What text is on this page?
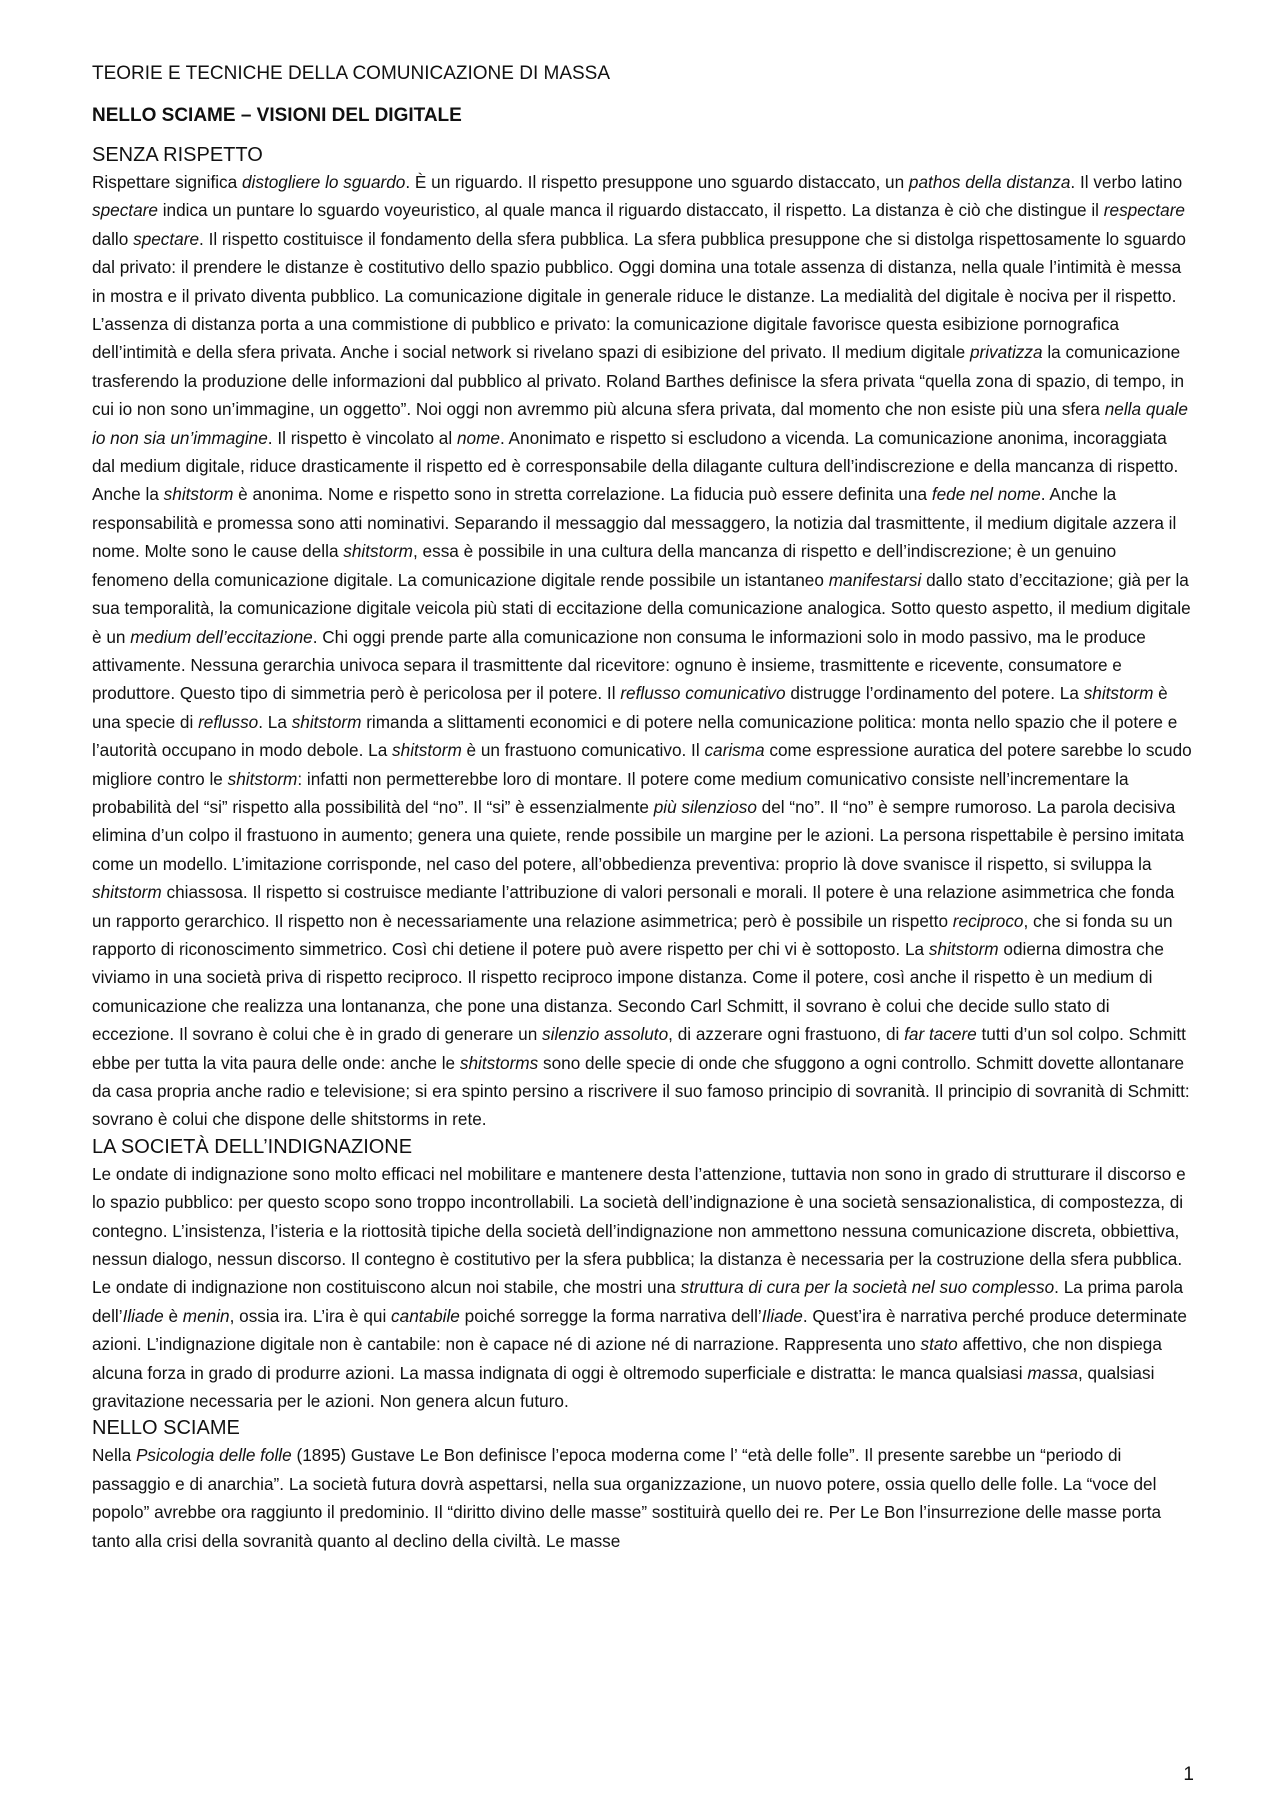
TEORIE E TECNICHE DELLA COMUNICAZIONE DI MASSA
NELLO SCIAME – VISIONI DEL DIGITALE
SENZA RISPETTO

Rispettare significa distogliere lo sguardo. È un riguardo. Il rispetto presuppone uno sguardo distaccato, un pathos della distanza. Il verbo latino spectare indica un puntare lo sguardo voyeuristico, al quale manca il riguardo distaccato, il rispetto. La distanza è ciò che distingue il respectare dallo spectare. Il rispetto costituisce il fondamento della sfera pubblica. La sfera pubblica presuppone che si distolga rispettosamente lo sguardo dal privato: il prendere le distanze è costitutivo dello spazio pubblico. Oggi domina una totale assenza di distanza, nella quale l’intimità è messa in mostra e il privato diventa pubblico. La comunicazione digitale in generale riduce le distanze. La medialità del digitale è nociva per il rispetto. L’assenza di distanza porta a una commistione di pubblico e privato: la comunicazione digitale favorisce questa esibizione pornografica dell’intimità e della sfera privata. Anche i social network si rivelano spazi di esibizione del privato. Il medium digitale privatizza la comunicazione trasferendo la produzione delle informazioni dal pubblico al privato. Roland Barthes definisce la sfera privata “quella zona di spazio, di tempo, in cui io non sono un’immagine, un oggetto”. Noi oggi non avremmo più alcuna sfera privata, dal momento che non esiste più una sfera nella quale io non sia un’immagine. Il rispetto è vincolato al nome. Anonimato e rispetto si escludono a vicenda. La comunicazione anonima, incoraggiata dal medium digitale, riduce drasticamente il rispetto ed è corresponsabile della dilagante cultura dell’indiscrezione e della mancanza di rispetto. Anche la shitstorm è anonima. Nome e rispetto sono in stretta correlazione. La fiducia può essere definita una fede nel nome. Anche la responsabilità e promessa sono atti nominativi. Separando il messaggio dal messaggero, la notizia dal trasmittente, il medium digitale azzera il nome. Molte sono le cause della shitstorm, essa è possibile in una cultura della mancanza di rispetto e dell’indiscrezione; è un genuino fenomeno della comunicazione digitale. La comunicazione digitale rende possibile un istantaneo manifestarsi dallo stato d’eccitazione; già per la sua temporalità, la comunicazione digitale veicola più stati di eccitazione della comunicazione analogica. Sotto questo aspetto, il medium digitale è un medium dell’eccitazione. Chi oggi prende parte alla comunicazione non consuma le informazioni solo in modo passivo, ma le produce attivamente. Nessuna gerarchia univoca separa il trasmittente dal ricevitore: ognuno è insieme, trasmittente e ricevente, consumatore e produttore. Questo tipo di simmetria però è pericolosa per il potere. Il reflusso comunicativo distrugge l’ordinamento del potere. La shitstorm è una specie di reflusso. La shitstorm rimanda a slittamenti economici e di potere nella comunicazione politica: monta nello spazio che il potere e l’autorità occupano in modo debole. La shitstorm è un frastuono comunicativo. Il carisma come espressione auratica del potere sarebbe lo scudo migliore contro le shitstorm: infatti non permetterebbe loro di montare. Il potere come medium comunicativo consiste nell’incrementare la probabilità del “si” rispetto alla possibilità del “no”. Il “si” è essenzialmente più silenzioso del “no”. Il “no” è sempre rumoroso. La parola decisiva elimina d’un colpo il frastuono in aumento; genera una quiete, rende possibile un margine per le azioni. La persona rispettabile è persino imitata come un modello. L’imitazione corrisponde, nel caso del potere, all’obbedienza preventiva: proprio là dove svanisce il rispetto, si sviluppa la shitstorm chiassosa. Il rispetto si costruisce mediante l’attribuzione di valori personali e morali. Il potere è una relazione asimmetrica che fonda un rapporto gerarchico. Il rispetto non è necessariamente una relazione asimmetrica; però è possibile un rispetto reciproco, che si fonda su un rapporto di riconoscimento simmetrico. Così chi detiene il potere può avere rispetto per chi vi è sottoposto. La shitstorm odierna dimostra che viviamo in una società priva di rispetto reciproco. Il rispetto reciproco impone distanza. Come il potere, così anche il rispetto è un medium di comunicazione che realizza una lontananza, che pone una distanza. Secondo Carl Schmitt, il sovrano è colui che decide sullo stato di eccezione. Il sovrano è colui che è in grado di generare un silenzio assoluto, di azzerare ogni frastuono, di far tacere tutti d’un sol colpo. Schmitt ebbe per tutta la vita paura delle onde: anche le shitstorms sono delle specie di onde che sfuggono a ogni controllo. Schmitt dovette allontanare da casa propria anche radio e televisione; si era spinto persino a riscrivere il suo famoso principio di sovranità. Il principio di sovranità di Schmitt: sovrano è colui che dispone delle shitstorms in rete.

LA SOCIETÀ DELL’INDIGNAZIONE

Le ondate di indignazione sono molto efficaci nel mobilitare e mantenere desta l’attenzione, tuttavia non sono in grado di strutturare il discorso e lo spazio pubblico: per questo scopo sono troppo incontrollabili. La società dell’indignazione è una società sensazionalistica, di compostezza, di contegno. L’insistenza, l’isteria e la riottosità tipiche della società dell’indignazione non ammettono nessuna comunicazione discreta, obbiettiva, nessun dialogo, nessun discorso. Il contegno è costitutivo per la sfera pubblica; la distanza è necessaria per la costruzione della sfera pubblica. Le ondate di indignazione non costituiscono alcun noi stabile, che mostri una struttura di cura per la società nel suo complesso. La prima parola dell’Iliade è menin, ossia ira. L’ira è qui cantabile poiché sorregge la forma narrativa dell’Iliade. Quest’ira è narrativa perché produce determinate azioni. L’indignazione digitale non è cantabile: non è capace né di azione né di narrazione. Rappresenta uno stato affettivo, che non dispiega alcuna forza in grado di produrre azioni. La massa indignata di oggi è oltremodo superficiale e distratta: le manca qualsiasi massa, qualsiasi gravitazione necessaria per le azioni. Non genera alcun futuro.

NELLO SCIAME

Nella Psicologia delle folle (1895) Gustave Le Bon definisce l’epoca moderna come l’ “età delle folle”. Il presente sarebbe un “periodo di passaggio e di anarchia”. La società futura dovrà aspettarsi, nella sua organizzazione, un nuovo potere, ossia quello delle folle. La “voce del popolo” avrebbe ora raggiunto il predominio. Il “diritto divino delle masse” sostituirà quello dei re. Per Le Bon l’insurrezione delle masse porta tanto alla crisi della sovranità quanto al declino della civiltà. Le masse

1
